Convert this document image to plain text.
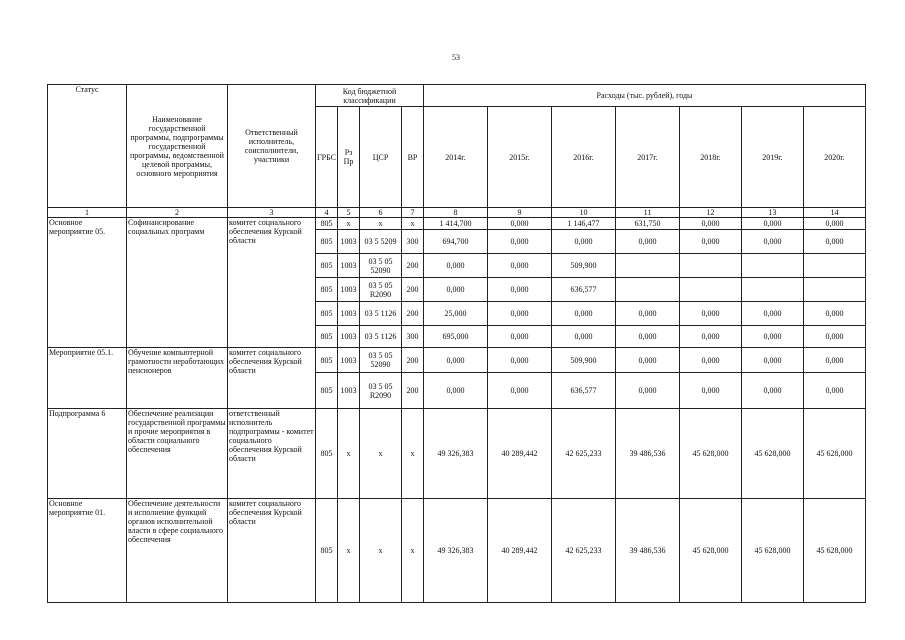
53
Статус	Наименование государственной программы, подпрограммы государственной программы, ведомственной целевой программы, основного мероприятия	Ответственный исполнитель, соисполнители, участники	Код бюджетной классификации				Расходы (тыс. рублей), годы						

			ГРБС	Рз Пр	ЦСР	ВР	2014г.	2015г.	2016г.	2017г.	2018г.	2019г.	2020г.
1	2	3	4	5	6	7	8	9	10	11	12	13	14
Основное мероприятие 05.	Софинансирование социальных программ	комитет социального обеспечения Курской области	805	x	x	x	1 414,700	0,000	1 146,477	631,750	0,000	0,000	0,000
			805	1003	03 5 5209	300	694,700	0,000	0,000	0,000	0,000	0,000	0,000
			805	1003	03 5 05 52090	200	0,000	0,000	509,900				
			805	1003	03 5 05 R2090	200	0,000	0,000	636,577				
			805	1003	03 5 1126	200	25,000	0,000	0,000	0,000	0,000	0,000	0,000
			805	1003	03 5 1126	300	695,000	0,000	0,000	0,000	0,000	0,000	0,000
Мероприятие 05.1.	Обучение компьютерной грамотности неработающих пенсионеров	комитет социального обеспечения Курской области	805	1003	03 5 05 52090	200	0,000	0,000	509,900	0,000	0,000	0,000	0,000
			805	1003	03 5 05 R2090	200	0,000	0,000	636,577	0,000	0,000	0,000	0,000
Подпрограмма 6	Обеспечение реализации государственной программы и прочие мероприятия в области социального обеспечения	ответственный исполнитель подпрограммы - комитет социального обеспечения Курской области	805	x	x	x	49 326,383	40 289,442	42 625,233	39 486,536	45 628,000	45 628,000	45 628,000
Основное мероприятие 01.	Обеспечение деятельности и исполнение функций органов исполнительной власти в сфере социального обеспечения	комитет социального обеспечения Курской области	805	x	x	x	49 326,383	40 289,442	42 625,233	39 486,536	45 628,000	45 628,000	45 628,000
